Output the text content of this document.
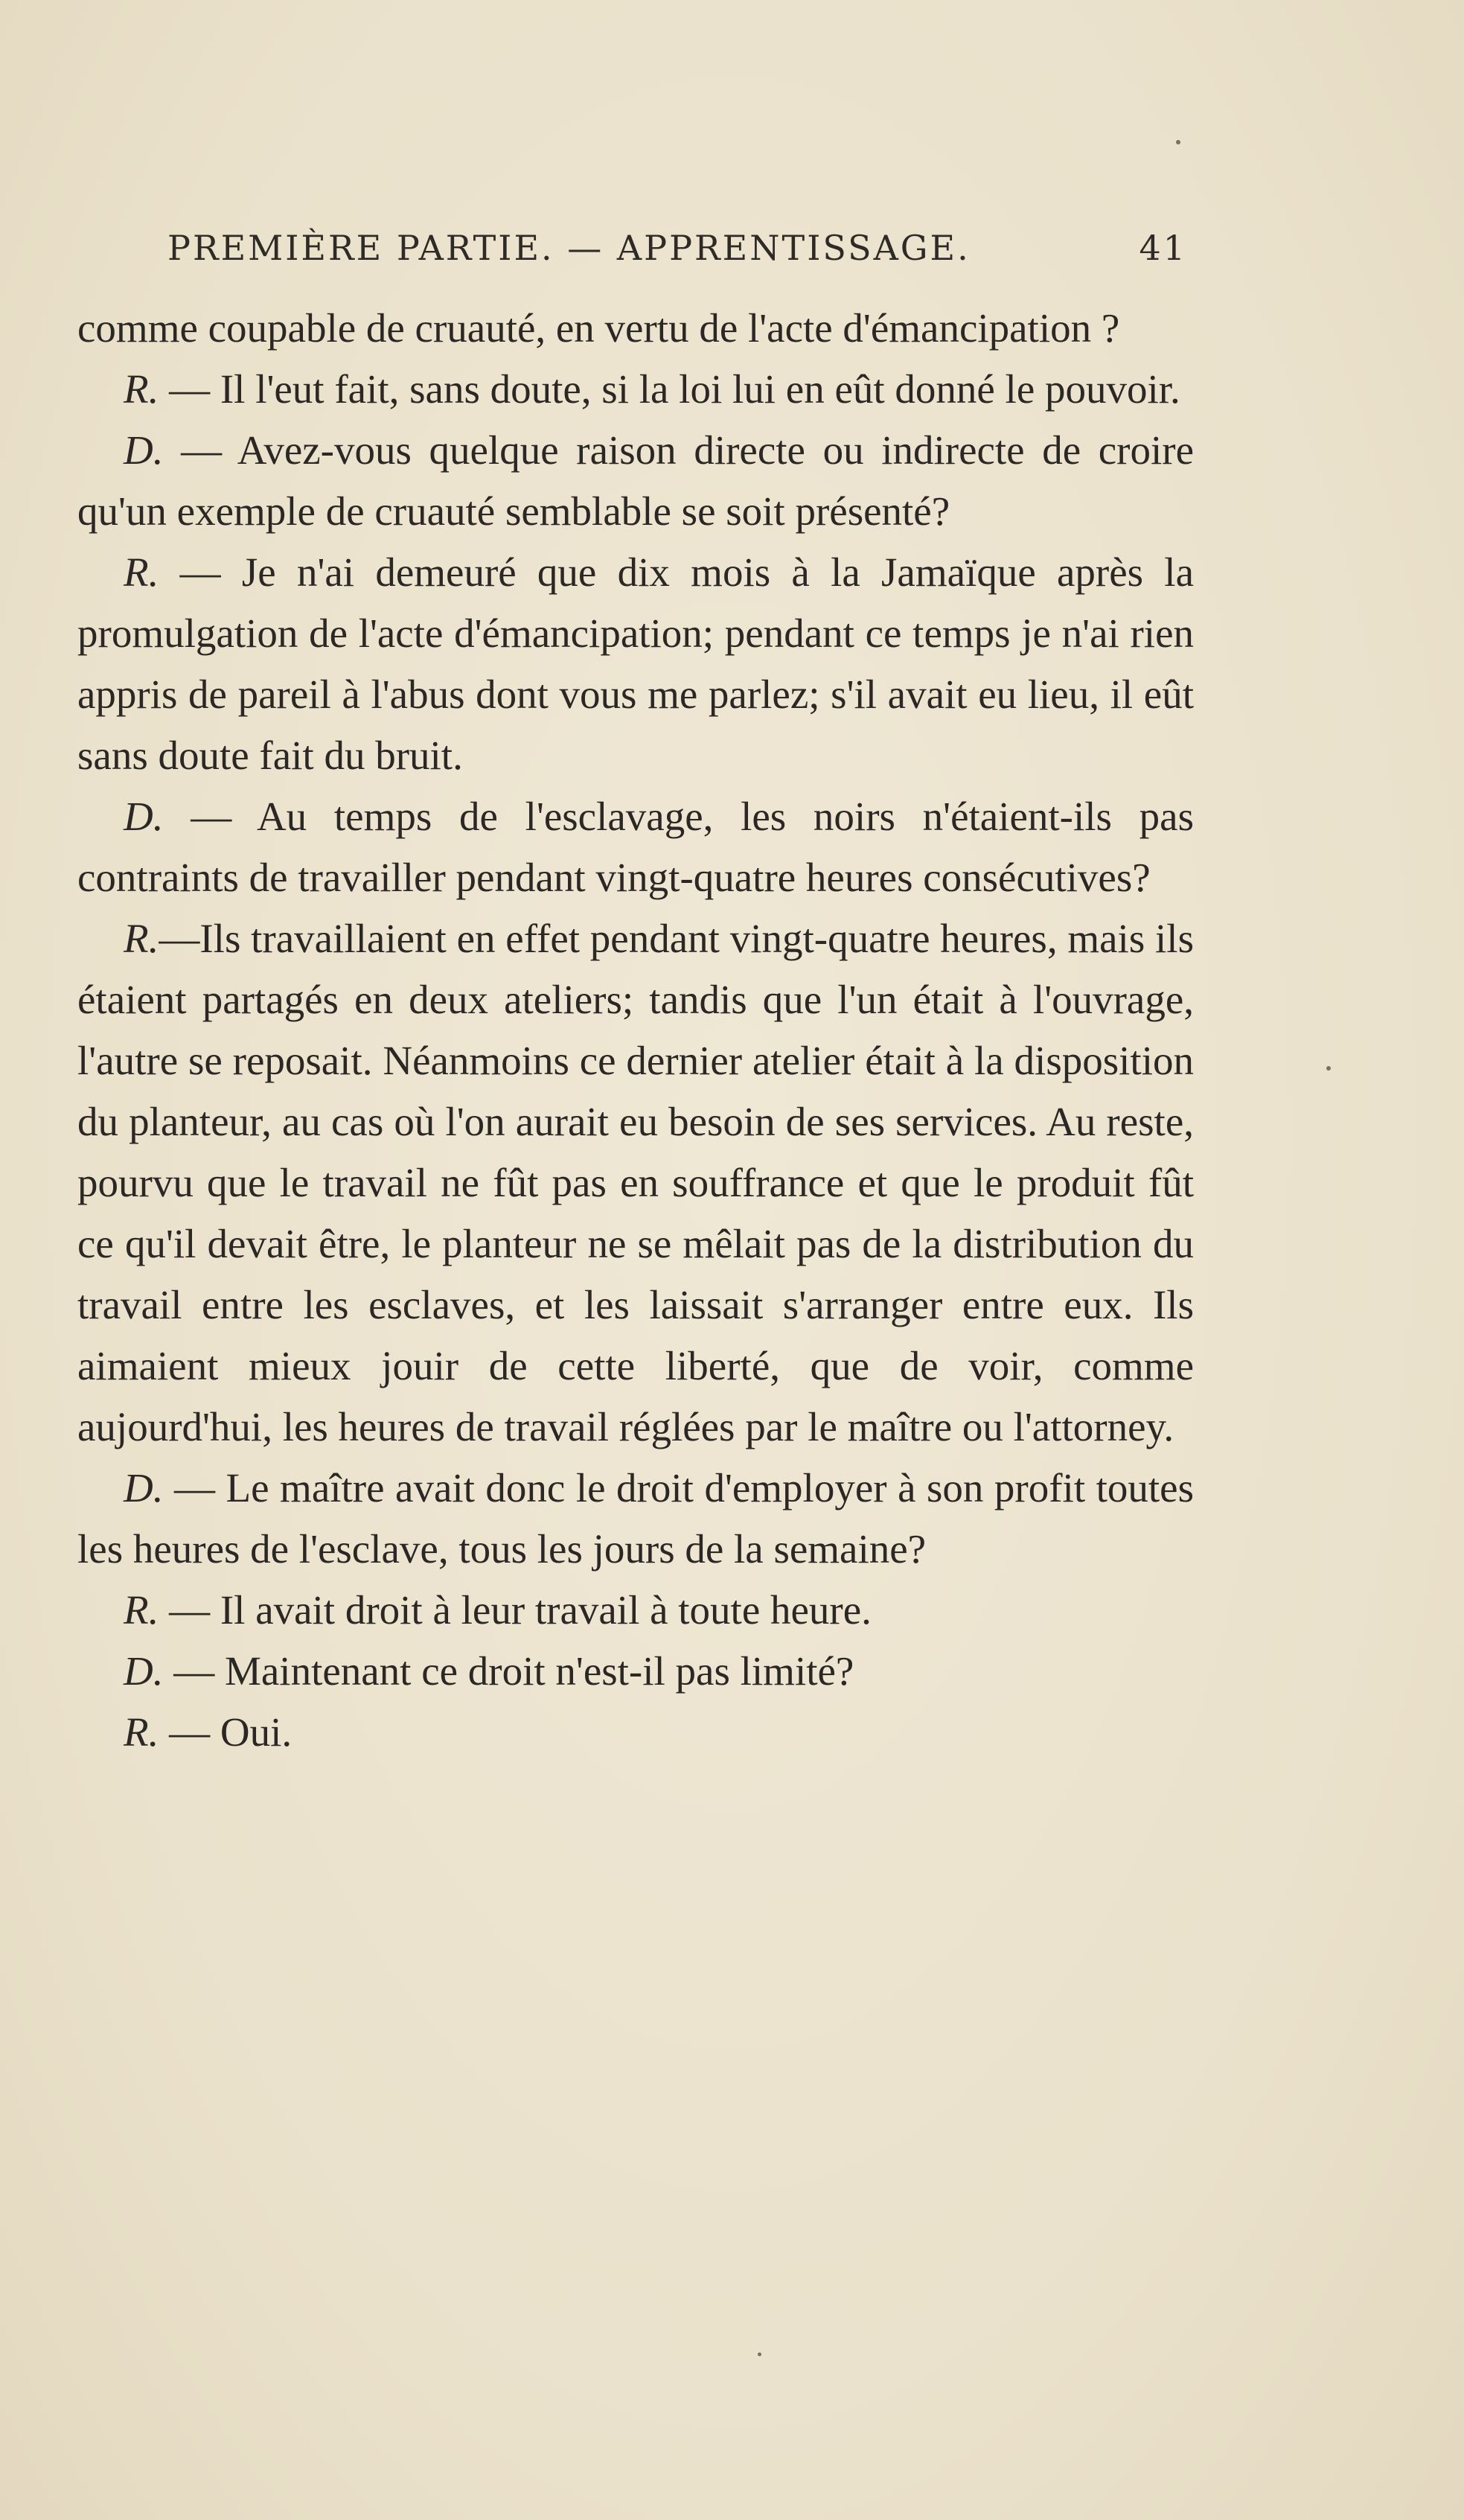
PREMIÈRE PARTIE. — APPRENTISSAGE.	41

comme coupable de cruauté, en vertu de l'acte d'émancipation ?

R. — Il l'eut fait, sans doute, si la loi lui en eût donné le pouvoir.

D. — Avez-vous quelque raison directe ou indirecte de croire qu'un exemple de cruauté semblable se soit présenté?

R. — Je n'ai demeuré que dix mois à la Jamaïque après la promulgation de l'acte d'émancipation; pendant ce temps je n'ai rien appris de pareil à l'abus dont vous me parlez; s'il avait eu lieu, il eût sans doute fait du bruit.

D. — Au temps de l'esclavage, les noirs n'étaient-ils pas contraints de travailler pendant vingt-quatre heures consécutives?

R.—Ils travaillaient en effet pendant vingt-quatre heures, mais ils étaient partagés en deux ateliers; tandis que l'un était à l'ouvrage, l'autre se reposait. Néanmoins ce dernier atelier était à la disposition du planteur, au cas où l'on aurait eu besoin de ses services. Au reste, pourvu que le travail ne fût pas en souffrance et que le produit fût ce qu'il devait être, le planteur ne se mêlait pas de la distribution du travail entre les esclaves, et les laissait s'arranger entre eux. Ils aimaient mieux jouir de cette liberté, que de voir, comme aujourd'hui, les heures de travail réglées par le maître ou l'attorney.

D. — Le maître avait donc le droit d'employer à son profit toutes les heures de l'esclave, tous les jours de la semaine?

R. — Il avait droit à leur travail à toute heure.

D. — Maintenant ce droit n'est-il pas limité?

R. — Oui.
